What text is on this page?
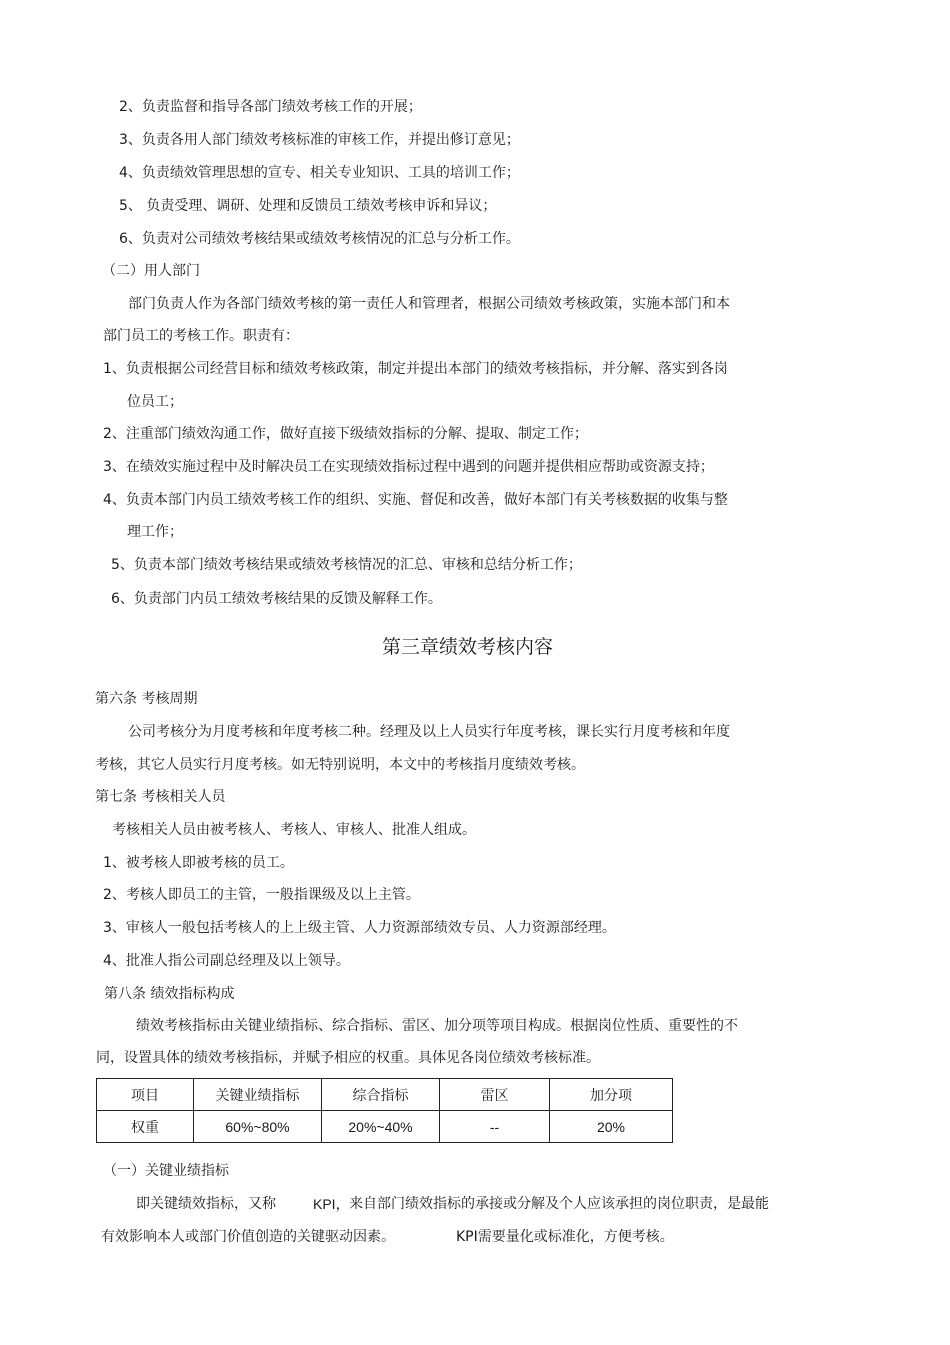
2、负责监督和指导各部门绩效考核工作的开展；
3、负责各用人部门绩效考核标准的审核工作，并提出修订意见；
4、负责绩效管理思想的宣专、相关专业知识、工具的培训工作；
5、 负责受理、调研、处理和反馈员工绩效考核申诉和异议；
6、负责对公司绩效考核结果或绩效考核情况的汇总与分析工作。
（二）用人部门
部门负责人作为各部门绩效考核的第一责任人和管理者，根据公司绩效考核政策，实施本部门和本
部门员工的考核工作。职责有：
1、负责根据公司经营目标和绩效考核政策，制定并提出本部门的绩效考核指标，并分解、落实到各岗
位员工；
2、注重部门绩效沟通工作，做好直接下级绩效指标的分解、提取、制定工作；
3、在绩效实施过程中及时解决员工在实现绩效指标过程中遇到的问题并提供相应帮助或资源支持；
4、负责本部门内员工绩效考核工作的组织、实施、督促和改善，做好本部门有关考核数据的收集与整
理工作；
5、负责本部门绩效考核结果或绩效考核情况的汇总、审核和总结分析工作；
6、负责部门内员工绩效考核结果的反馈及解释工作。
第三章绩效考核内容
第六条 考核周期
公司考核分为月度考核和年度考核二种。经理及以上人员实行年度考核，课长实行月度考核和年度
考核，其它人员实行月度考核。如无特别说明，本文中的考核指月度绩效考核。
第七条 考核相关人员
考核相关人员由被考核人、考核人、审核人、批准人组成。
1、被考核人即被考核的员工。
2、考核人即员工的主管，一般指课级及以上主管。
3、审核人一般包括考核人的上上级主管、人力资源部绩效专员、人力资源部经理。
4、批准人指公司副总经理及以上领导。
第八条 绩效指标构成
绩效考核指标由关键业绩指标、综合指标、雷区、加分项等项目构成。根据岗位性质、重要性的不
同，设置具体的绩效考核指标，并赋予相应的权重。具体见各岗位绩效考核标准。
项目	关键业绩指标	综合指标	雷区	加分项
权重	60%~80%	20%~40%	--	20%
（一）关键业绩指标
即关键绩效指标，又称	KPI， 来自部门绩效指标的承接或分解及个人应该承担的岗位职责，是最能
有效影响本人或部门价值创造的关键驱动因素。	KPI需要量化或标准化，方便考核。
